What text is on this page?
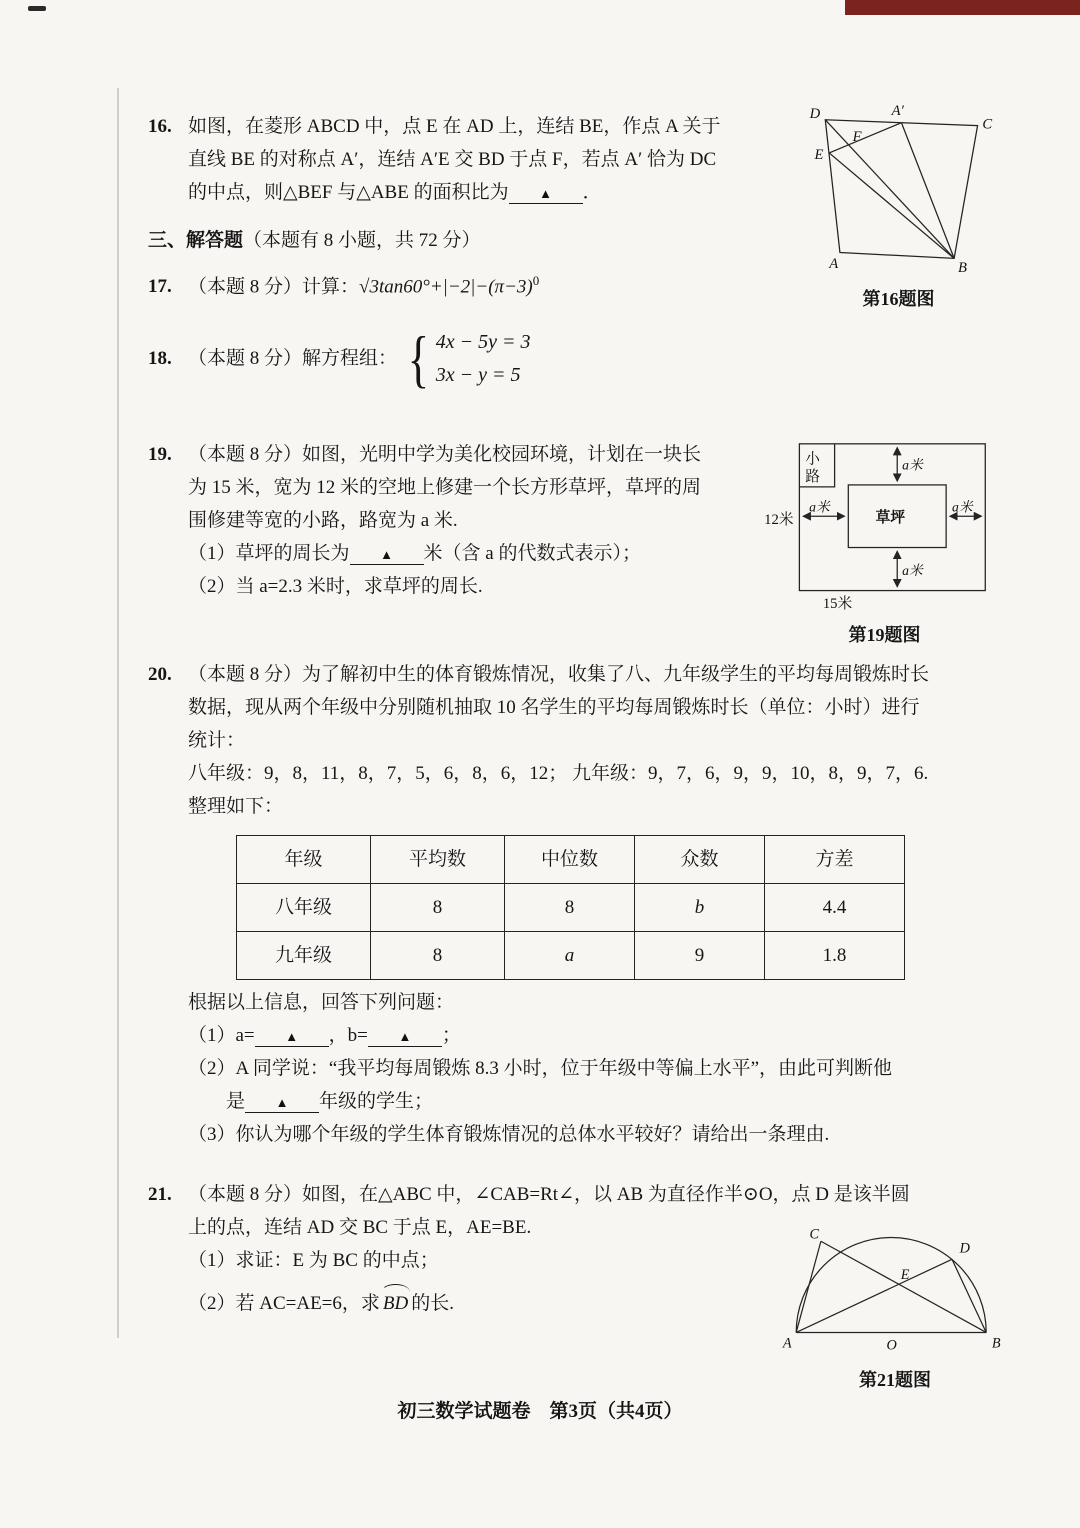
16. 如图，在菱形 ABCD 中，点 E 在 AD 上，连结 BE，作点 A 关于
直线 BE 的对称点 A′，连结 A′E 交 BD 于点 F，若点 A′ 恰为 DC
的中点，则△BEF 与△ABE 的面积比为 ▲ ．
D	A′
C
F
E
A	B
第16题图
三、解答题（本题有 8 小题，共 72 分）
17. （本题 8 分）计算：$√3\tan 60^\circ+|-2|-(\pi-3)^0$
18. （本题 8 分）解方程组： { 4x − 5y = 3
3x − y = 5
19. （本题 8 分）如图，光明中学为美化校园环境，计划在一块长
为 15 米，宽为 12 米的空地上修建一个长方形草坪，草坪的周
围修建等宽的小路，路宽为 a 米.
（1）草坪的周长为 ▲ 米（含 a 的代数式表示）；
（2）当 a=2.3 米时，求草坪的周长.
小
路
草坪
a米
a米
a米	a米
12米
15米
第19题图
20. （本题 8 分）为了解初中生的体育锻炼情况，收集了八、九年级学生的平均每周锻炼时长
数据，现从两个年级中分别随机抽取 10 名学生的平均每周锻炼时长（单位：小时）进行
统计：
八年级：9，8，11，8，7，5，6，8，6，12； 九年级：9，7，6，9，9，10，8，9，7，6.
整理如下：
年级	平均数	中位数	众数	方差
八年级	8	8	b	4.4
九年级	8	a	9	1.8
根据以上信息，回答下列问题：
（1）a= ▲ ，b= ▲ ；
（2）A 同学说：“我平均每周锻炼 8.3 小时，位于年级中等偏上水平”，由此可判断他
是 ▲ 年级的学生；
（3）你认为哪个年级的学生体育锻炼情况的总体水平较好？请给出一条理由.
21. （本题 8 分）如图，在△ABC 中，∠CAB=Rt∠，以 AB 为直径作半⊙O，点 D 是该半圆
上的点，连结 AD 交 BC 于点 E，AE=BE.
（1）求证：E 为 BC 的中点；
（2）若 AC=AE=6，求 BD 的长.
C
D
E
A	O	B
第21题图
初三数学试题卷　第3页（共4页）
